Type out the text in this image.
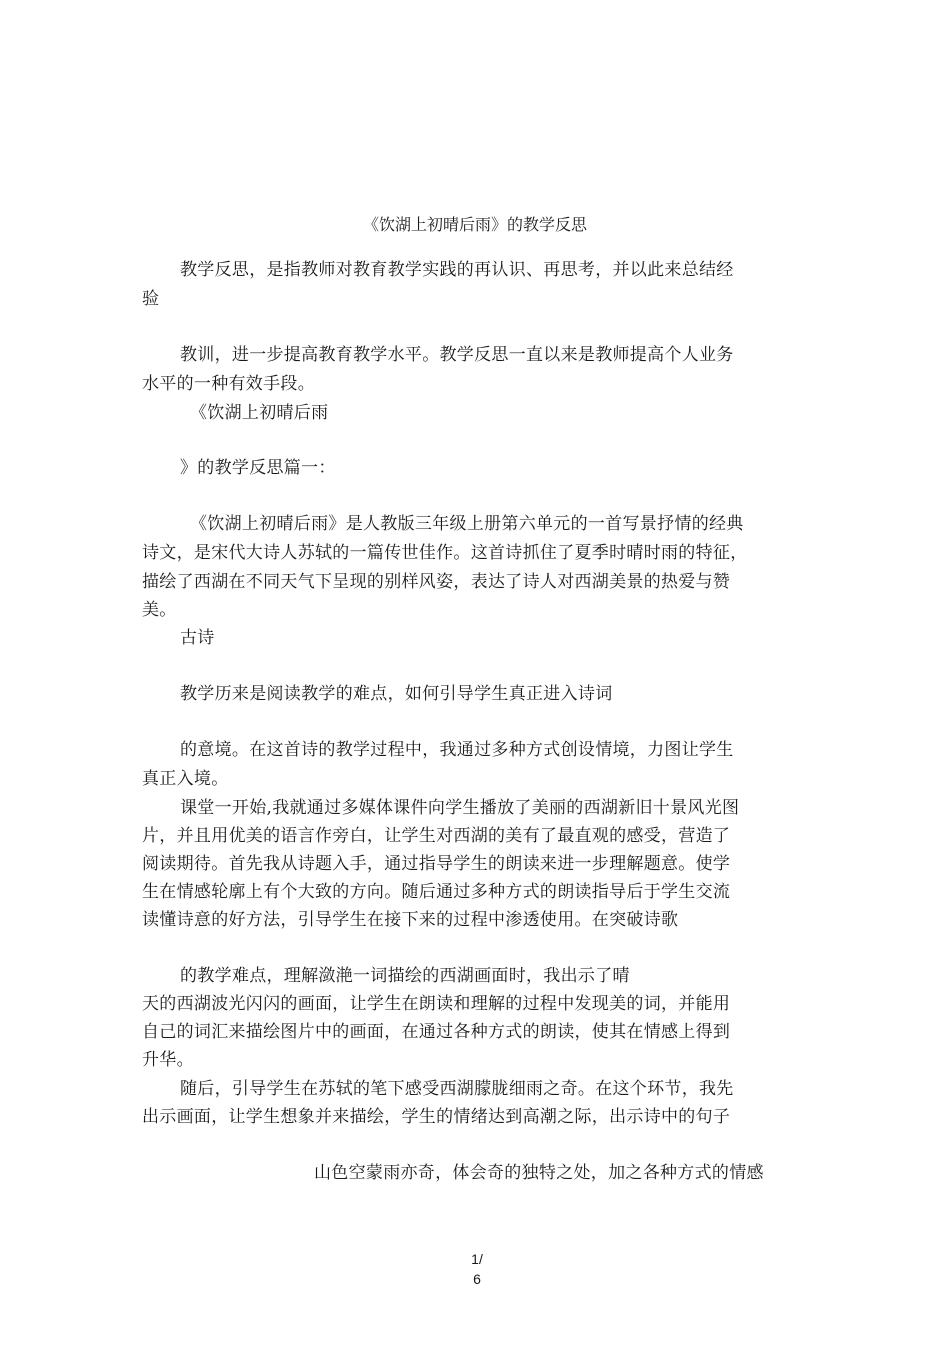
《饮湖上初晴后雨》的教学反思
教学反思，是指教师对教育教学实践的再认识、再思考，并以此来总结经
验
教训，进一步提高教育教学水平。教学反思一直以来是教师提高个人业务
水平的一种有效手段。
《饮湖上初晴后雨
》的教学反思篇一：
《饮湖上初晴后雨》是人教版三年级上册第六单元的一首写景抒情的经典
诗文，是宋代大诗人苏轼的一篇传世佳作。这首诗抓住了夏季时晴时雨的特征，
描绘了西湖在不同天气下呈现的别样风姿，表达了诗人对西湖美景的热爱与赞
美。
古诗
教学历来是阅读教学的难点，如何引导学生真正进入诗词
的意境。在这首诗的教学过程中，我通过多种方式创设情境，力图让学生
真正入境。
课堂一开始,我就通过多媒体课件向学生播放了美丽的西湖新旧十景风光图
片，并且用优美的语言作旁白，让学生对西湖的美有了最直观的感受，营造了
阅读期待。首先我从诗题入手，通过指导学生的朗读来进一步理解题意。使学
生在情感轮廓上有个大致的方向。随后通过多种方式的朗读指导后于学生交流
读懂诗意的好方法，引导学生在接下来的过程中渗透使用。在突破诗歌
的教学难点，理解潋滟一词描绘的西湖画面时，我出示了晴
天的西湖波光闪闪的画面，让学生在朗读和理解的过程中发现美的词，并能用
自己的词汇来描绘图片中的画面，在通过各种方式的朗读，使其在情感上得到
升华。
随后，引导学生在苏轼的笔下感受西湖朦胧细雨之奇。在这个环节，我先
出示画面，让学生想象并来描绘，学生的情绪达到高潮之际，出示诗中的句子
山色空蒙雨亦奇，体会奇的独特之处，加之各种方式的情感
1/
6
